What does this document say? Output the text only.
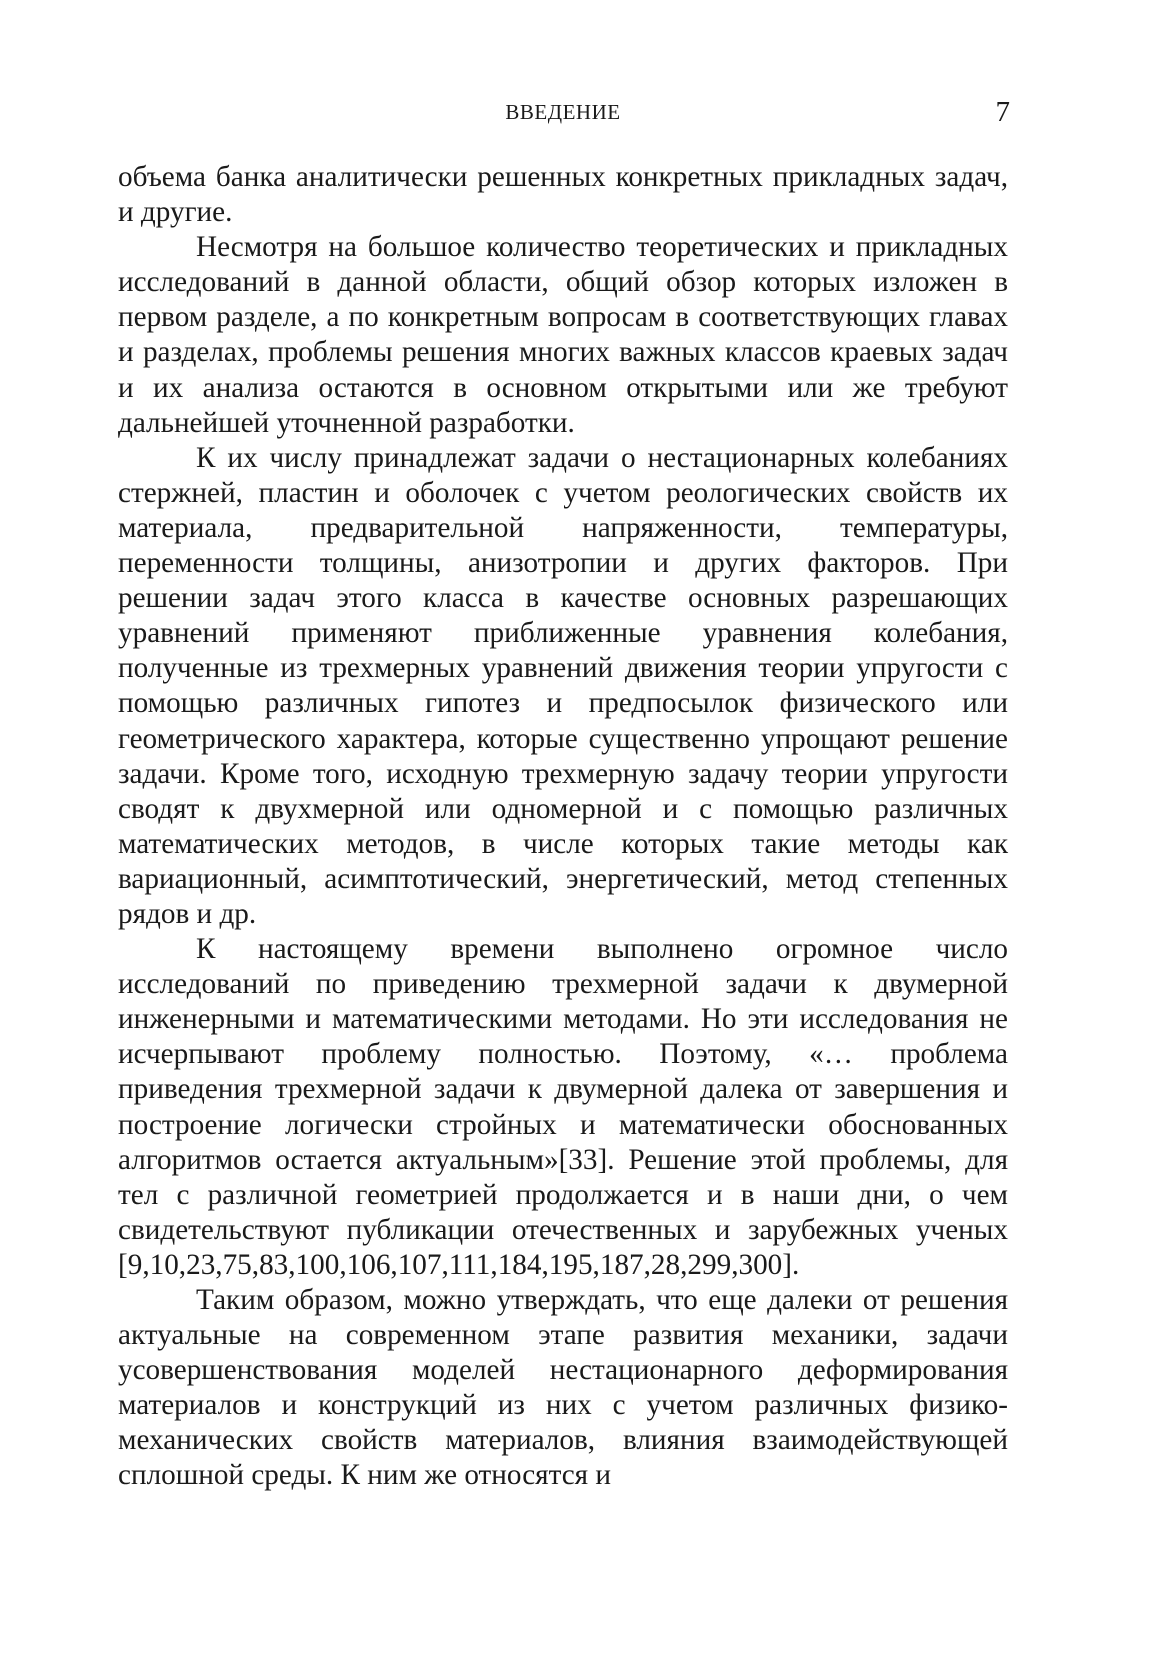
ВВЕДЕНИЕ	7

объема банка аналитически решенных конкретных прикладных задач, и другие.

Несмотря на большое количество теоретических и прикладных исследований в данной области, общий обзор которых изложен в первом разделе, а по конкретным вопросам в соответствующих главах и разделах, проблемы решения многих важных классов краевых задач и их анализа остаются в основном открытыми или же требуют дальнейшей уточненной разработки.

К их числу принадлежат задачи о нестационарных колебаниях стержней, пластин и оболочек с учетом реологических свойств их материала, предварительной напряженности, температуры, переменности толщины, анизотропии и других факторов. При решении задач этого класса в качестве основных разрешающих уравнений применяют приближенные уравнения колебания, полученные из трехмерных уравнений движения теории упругости с помощью различных гипотез и предпосылок физического или геометрического характера, которые существенно упрощают решение задачи. Кроме того, исходную трехмерную задачу теории упругости сводят к двухмерной или одномерной и с помощью различных математических методов, в числе которых такие методы как вариационный, асимптотический, энергетический, метод степенных рядов и др.

К настоящему времени выполнено огромное число исследований по приведению трехмерной задачи к двумерной инженерными и математическими методами. Но эти исследования не исчерпывают проблему полностью. Поэтому, «… проблема приведения трехмерной задачи к двумерной далека от завершения и построение логически стройных и математически обоснованных алгоритмов остается актуальным»[33]. Решение этой проблемы, для тел с различной геометрией продолжается и в наши дни, о чем свидетельствуют публикации отечественных и зарубежных ученых [9,10,23,75,83,100,106,107,111,184,195,187,28,299,300].

Таким образом, можно утверждать, что еще далеки от решения актуальные на современном этапе развития механики, задачи усовершенствования моделей нестационарного деформирования материалов и конструкций из них с учетом различных физико-механических свойств материалов, влияния взаимодействующей сплошной среды. К ним же относятся и
